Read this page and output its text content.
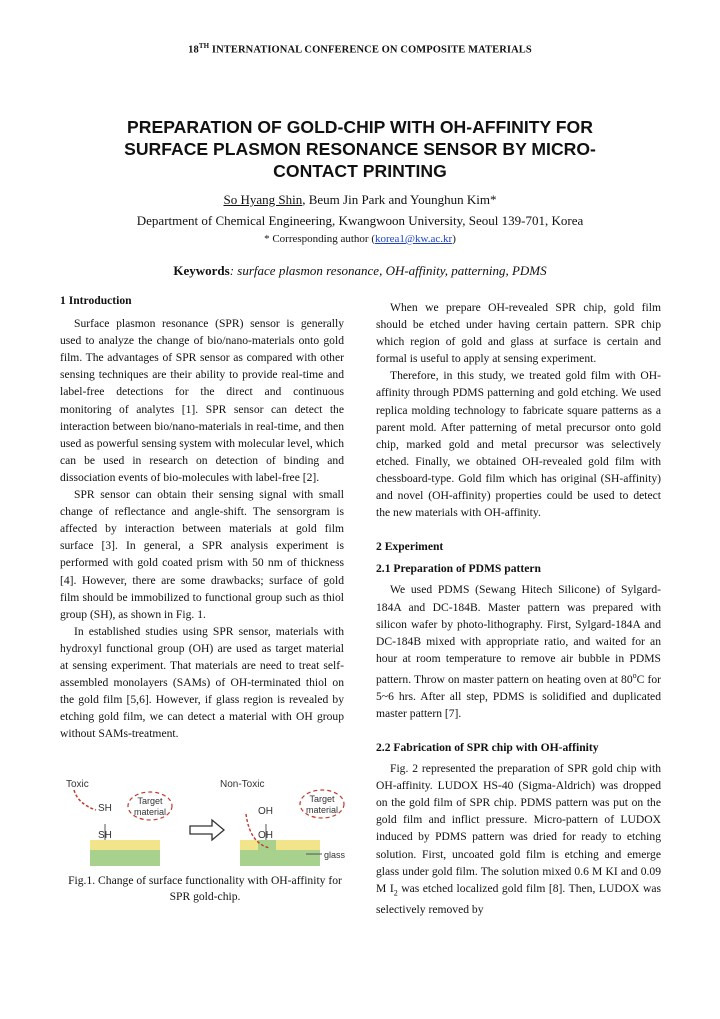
18TH INTERNATIONAL CONFERENCE ON COMPOSITE MATERIALS
PREPARATION OF GOLD-CHIP WITH OH-AFFINITY FOR SURFACE PLASMON RESONANCE SENSOR BY MICRO-CONTACT PRINTING
So Hyang Shin, Beum Jin Park and Younghun Kim*
Department of Chemical Engineering, Kwangwoon University, Seoul 139-701, Korea
* Corresponding author (korea1@kw.ac.kr)
Keywords: surface plasmon resonance, OH-affinity, patterning, PDMS
1 Introduction

Surface plasmon resonance (SPR) sensor is generally used to analyze the change of bio/nano-materials onto gold film. The advantages of SPR sensor as compared with other sensing techniques are their ability to provide real-time and label-free detections for the direct and continuous monitoring of analytes [1]. SPR sensor can detect the interaction between bio/nano-materials in real-time, and then used as powerful sensing system with molecular level, which can be used in research on detection of binding and dissociation events of bio-molecules with label-free [2].

SPR sensor can obtain their sensing signal with small change of reflectance and angle-shift. The sensorgram is affected by interaction between materials at gold film surface [3]. In general, a SPR analysis experiment is performed with gold coated prism with 50 nm of thickness [4]. However, there are some drawbacks; surface of gold film should be immobilized to functional group such as thiol group (SH), as shown in Fig. 1.

In established studies using SPR sensor, materials with hydroxyl functional group (OH) are used as target material at sensing experiment. That materials are need to treat self-assembled monolayers (SAMs) of OH-terminated thiol on the gold film [5,6]. However, if glass region is revealed by etching gold film, we can detect a material with OH group without SAMs-treatment.

Toxic
SH
SH
Target material
Non-Toxic
OH
OH
Target material
glass
Fig.1. Change of surface functionality with OH-affinity for SPR gold-chip.

When we prepare OH-revealed SPR chip, gold film should be etched under having certain pattern. SPR chip which region of gold and glass at surface is certain and formal is useful to apply at sensing experiment.

Therefore, in this study, we treated gold film with OH-affinity through PDMS patterning and gold etching. We used replica molding technology to fabricate square patterns as a parent mold. After patterning of metal precursor onto gold chip, marked gold and metal precursor was selectively etched. Finally, we obtained OH-revealed gold film with chessboard-type. Gold film which has original (SH-affinity) and novel (OH-affinity) properties could be used to detect the new materials with OH-affinity.

2 Experiment
2.1 Preparation of PDMS pattern

We used PDMS (Sewang Hitech Silicone) of Sylgard-184A and DC-184B. Master pattern was prepared with silicon wafer by photo-lithography. First, Sylgard-184A and DC-184B mixed with appropriate ratio, and waited for an hour at room temperature to remove air bubble in PDMS pattern. Throw on master pattern on heating oven at 80$^o$C for 5~6 hrs. After all step, PDMS is solidified and duplicated master pattern [7].

2.2 Fabrication of SPR chip with OH-affinity

Fig. 2 represented the preparation of SPR gold chip with OH-affinity. LUDOX HS-40 (Sigma-Aldrich) was dropped on the gold film of SPR chip. PDMS pattern was put on the gold film and inflict pressure. Micro-pattern of LUDOX induced by PDMS pattern was dried for ready to etching solution. First, uncoated gold film is etching and emerge glass under gold film. The solution mixed 0.6 M KI and 0.09 M $I_2$ was etched localized gold film [8]. Then, LUDOX was selectively removed by
